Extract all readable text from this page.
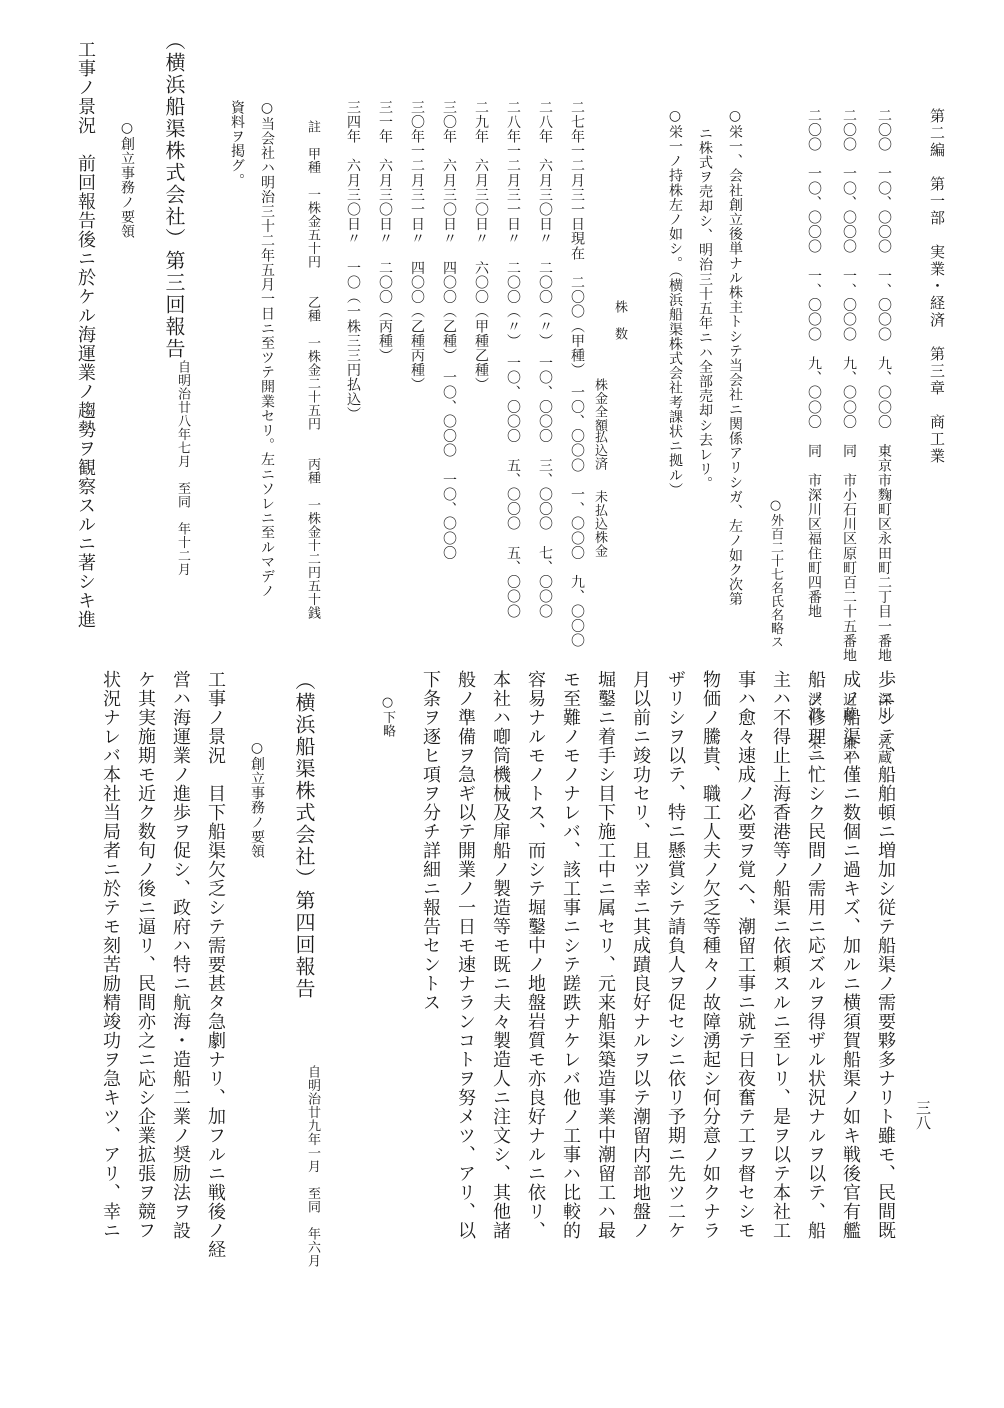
三八
第二編　第一部　実業・経済　第三章　商工業
二〇〇　一〇、〇〇〇　一、〇〇〇　九、〇〇〇　東京市麴町区永田町二丁目一番地　　深川　亮蔵
二〇〇　一〇、〇〇〇　一、〇〇〇　九、〇〇〇　同　市小石川区原町百二十五番地　　近藤　廉平
二〇〇　一〇、〇〇〇　一、〇〇〇　九、〇〇〇　同　市深川区福住町四番地　　　　　渋沢　栄一
○外百二十七名氏名略ス
○栄一、会社創立後単ナル株主トシテ当会社ニ関係アリシガ、左ノ如ク次第
ニ株式ヲ売却シ、明治三十五年ニハ全部売却シ去レリ。
○栄一ノ持株左ノ如シ。（横浜船渠株式会社考課状ニ拠ル）
株　数
株金全額
払込済
未払込株金
二七年一二月三一日現在　二〇〇（甲種）　一〇、〇〇〇　一、〇〇〇　九、〇〇〇
二八年　六月三〇日〃　二〇〇（〃）　一〇、〇〇〇　三、〇〇〇　七、〇〇〇
二八年一二月三一日〃　二〇〇（〃）　一〇、〇〇〇　五、〇〇〇　五、〇〇〇
二九年　六月三〇日〃　六〇〇（甲種乙種）
三〇年　六月三〇日〃　四〇〇（乙種）　一〇、〇〇〇　一〇、〇〇〇
三〇年一二月三一日〃　四〇〇（乙種丙種）
三一年　六月三〇日〃　二〇〇（丙種）
三四年　六月三〇日〃　一〇（一株三三円払込）
註　甲種　一株金五十円　　乙種　一株金二十五円　　丙種　一株金十二円五十銭
○当会社ハ明治三十二年五月一日ニ至ツテ開業セリ。左ニソレニ至ルマデノ
資料ヲ掲グ。
（横浜船渠株式会社）第三回報告
自明治廿八年七月　至同　年十二月
○創立事務ノ要領
工事ノ景況　前回報告後ニ於ケル海運業ノ趨勢ヲ観察スルニ著シキ進
歩ニシテ、船舶頓ニ増加シ従テ船渠ノ需要夥多ナリト雖モ、民間既
成ノ船渠ハ僅ニ数個ニ過キズ、加ルニ横須賀船渠ノ如キ戦後官有艦
船ノ修理ニ忙シク民間ノ需用ニ応ズルヲ得ザル状況ナルヲ以テ、船
主ハ不得止上海香港等ノ船渠ニ依頼スルニ至レリ、是ヲ以テ本社工
事ハ愈々速成ノ必要ヲ覚へ、潮留工事ニ就テ日夜奮テ工ヲ督セシモ
物価ノ騰貴、職工人夫ノ欠乏等種々ノ故障湧起シ何分意ノ如クナラ
ザリシヲ以テ、特ニ懸賞シテ請負人ヲ促セシニ依リ予期ニ先ツ二ケ
月以前ニ竣功セリ、且ツ幸ニ其成蹟良好ナルヲ以テ潮留内部地盤ノ
堀鑿ニ着手シ目下施工中ニ属セリ、元来船渠築造事業中潮留工ハ最
モ至難ノモノナレバ、該工事ニシテ蹉跌ナケレバ他ノ工事ハ比較的
容易ナルモノトス、而シテ堀鑿中ノ地盤岩質モ亦良好ナルニ依リ、
本社ハ喞筒機械及扉船ノ製造等モ既ニ夫々製造人ニ注文シ、其他諸
般ノ準備ヲ急ギ以テ開業ノ一日モ速ナランコトヲ努メツ、アリ、以
下条ヲ逐ヒ項ヲ分チ詳細ニ報告セントス
○下略
（横浜船渠株式会社）第四回報告
自明治廿九年一月　至同　年六月
○創立事務ノ要領
工事ノ景況　目下船渠欠乏シテ需要甚タ急劇ナリ、加フルニ戦後ノ経
営ハ海運業ノ進歩ヲ促シ、政府ハ特ニ航海・造船二業ノ奨励法ヲ設
ケ其実施期モ近ク数旬ノ後ニ逼リ、民間亦之ニ応シ企業拡張ヲ競フ
状況ナレバ本社当局者ニ於テモ刻苦励精竣功ヲ急キツ、アリ、幸ニ
